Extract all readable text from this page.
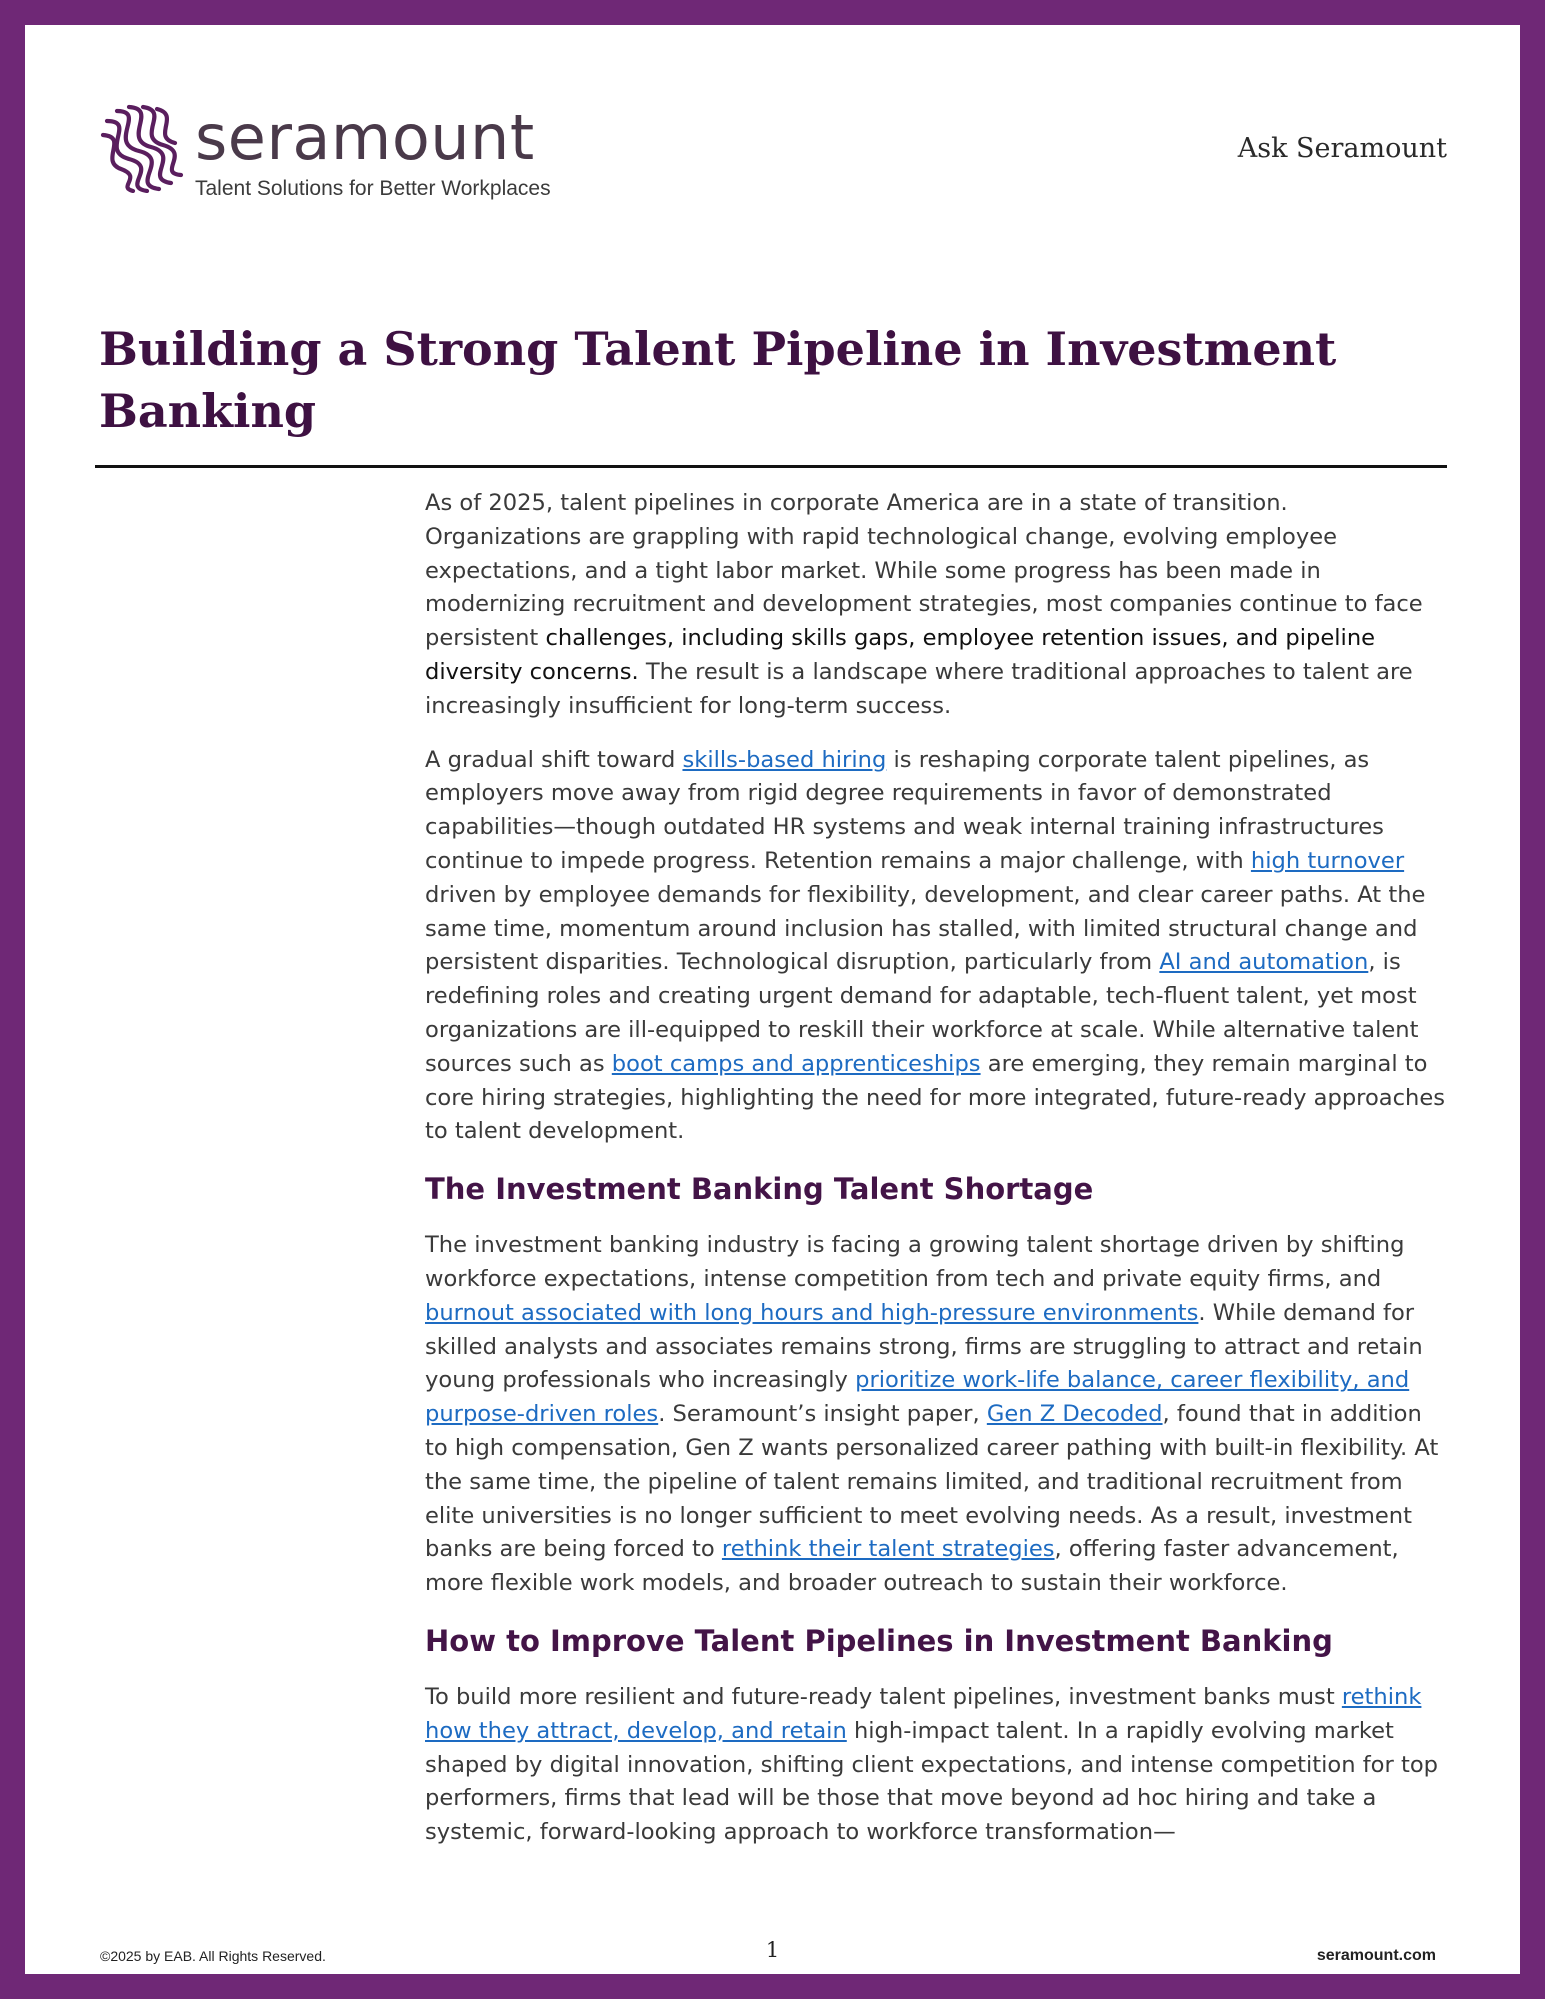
seramount
Talent Solutions for Better Workplaces
Ask Seramount
Building a Strong Talent Pipeline in Investment Banking

As of 2025, talent pipelines in corporate America are in a state of transition. Organizations are grappling with rapid technological change, evolving employee expectations, and a tight labor market. While some progress has been made in modernizing recruitment and development strategies, most companies continue to face persistent challenges, including skills gaps, employee retention issues, and pipeline diversity concerns. The result is a landscape where traditional approaches to talent are increasingly insufficient for long-term success.

A gradual shift toward skills-based hiring is reshaping corporate talent pipelines, as employers move away from rigid degree requirements in favor of demonstrated capabilities—though outdated HR systems and weak internal training infrastructures continue to impede progress. Retention remains a major challenge, with high turnover driven by employee demands for flexibility, development, and clear career paths. At the same time, momentum around inclusion has stalled, with limited structural change and persistent disparities. Technological disruption, particularly from AI and automation, is redefining roles and creating urgent demand for adaptable, tech-fluent talent, yet most organizations are ill-equipped to reskill their workforce at scale. While alternative talent sources such as boot camps and apprenticeships are emerging, they remain marginal to core hiring strategies, highlighting the need for more integrated, future-ready approaches to talent development.

The Investment Banking Talent Shortage

The investment banking industry is facing a growing talent shortage driven by shifting workforce expectations, intense competition from tech and private equity firms, and burnout associated with long hours and high-pressure environments. While demand for skilled analysts and associates remains strong, firms are struggling to attract and retain young professionals who increasingly prioritize work-life balance, career flexibility, and purpose-driven roles. Seramount’s insight paper, Gen Z Decoded, found that in addition to high compensation, Gen Z wants personalized career pathing with built-in flexibility. At the same time, the pipeline of talent remains limited, and traditional recruitment from elite universities is no longer sufficient to meet evolving needs. As a result, investment banks are being forced to rethink their talent strategies, offering faster advancement, more flexible work models, and broader outreach to sustain their workforce.

How to Improve Talent Pipelines in Investment Banking

To build more resilient and future-ready talent pipelines, investment banks must rethink how they attract, develop, and retain high-impact talent. In a rapidly evolving market shaped by digital innovation, shifting client expectations, and intense competition for top performers, firms that lead will be those that move beyond ad hoc hiring and take a systemic, forward-looking approach to workforce transformation—

©2025 by EAB. All Rights Reserved.	1	seramount.com
